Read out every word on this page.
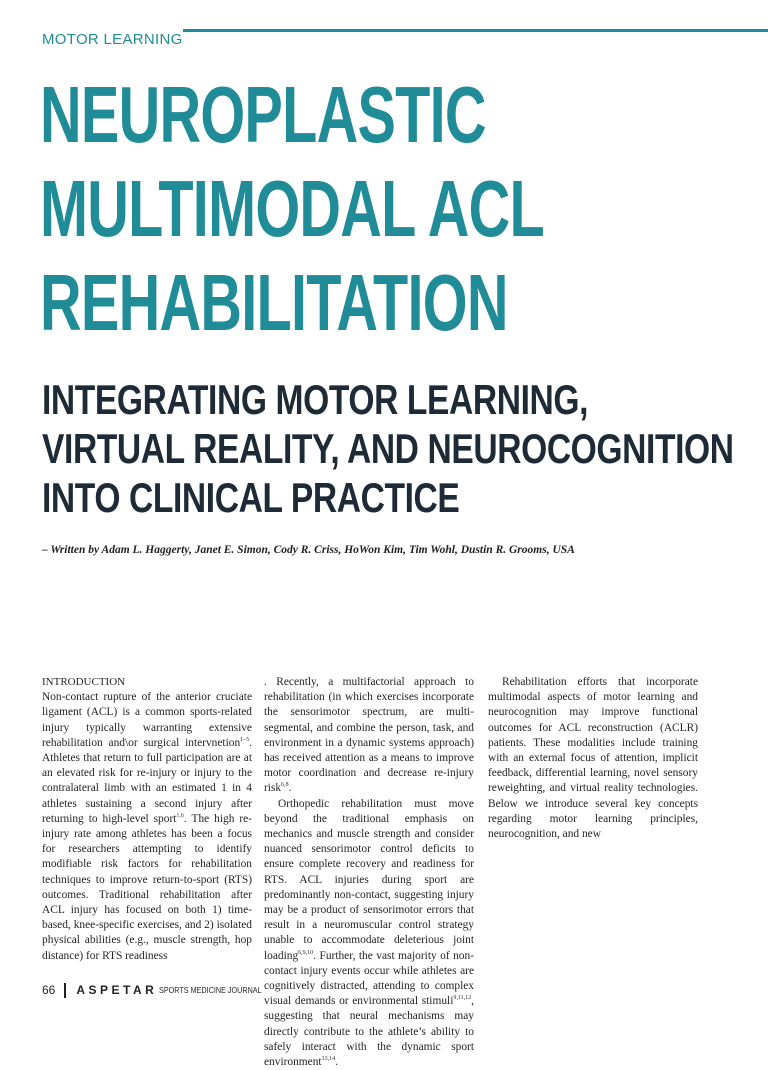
MOTOR LEARNING
NEUROPLASTIC
MULTIMODAL ACL
REHABILITATION
INTEGRATING MOTOR LEARNING,
VIRTUAL REALITY, AND NEUROCOGNITION
INTO CLINICAL PRACTICE
– Written by Adam L. Haggerty, Janet E. Simon, Cody R. Criss, HoWon Kim, Tim Wohl, Dustin R. Grooms, USA

INTRODUCTION
Non-contact rupture of the anterior cruciate ligament (ACL) is a common sports-related injury typically warranting extensive rehabilitation and\or surgical intervnetion$^{1-5}$. Athletes that return to full participation are at an elevated risk for re-injury or injury to the contralateral limb with an estimated 1 in 4 athletes sustaining a second injury after returning to high-level sport$^{1,6}$. The high re-injury rate among athletes has been a focus for researchers attempting to identify modifiable risk factors for rehabilitation techniques to improve return-to-sport (RTS) outcomes. Traditional rehabilitation after ACL injury has focused on both 1) time-based, knee-specific exercises, and 2) isolated physical abilities (e.g., muscle strength, hop distance) for RTS readiness

. Recently, a multifactorial approach to rehabilitation (in which exercises incorporate the sensorimotor spectrum, are multi-segmental, and combine the person, task, and environment in a dynamic systems approach) has received attention as a means to improve motor coordination and decrease re-injury risk$^{6,8}$.

Orthopedic rehabilitation must move beyond the traditional emphasis on mechanics and muscle strength and consider nuanced sensorimotor control deficits to ensure complete recovery and readiness for RTS. ACL injuries during sport are predominantly non-contact, suggesting injury may be a product of sensorimotor errors that result in a neuromuscular control strategy unable to accommodate deleterious joint loading$^{6,9,10}$. Further, the vast majority of non-contact injury events occur while athletes are cognitively distracted, attending to complex visual demands or environmental stimuli$^{9,11,12}$, suggesting that neural mechanisms may directly contribute to the athlete’s ability to safely interact with the dynamic sport environment$^{13,14}$.

Rehabilitation efforts that incorporate multimodal aspects of motor learning and neurocognition may improve functional outcomes for ACL reconstruction (ACLR) patients. These modalities include training with an external focus of attention, implicit feedback, differential learning, novel sensory reweighting, and virtual reality technologies. Below we introduce several key concepts regarding motor learning principles, neurocognition, and new

66 ASPETAR SPORTS MEDICINE JOURNAL
